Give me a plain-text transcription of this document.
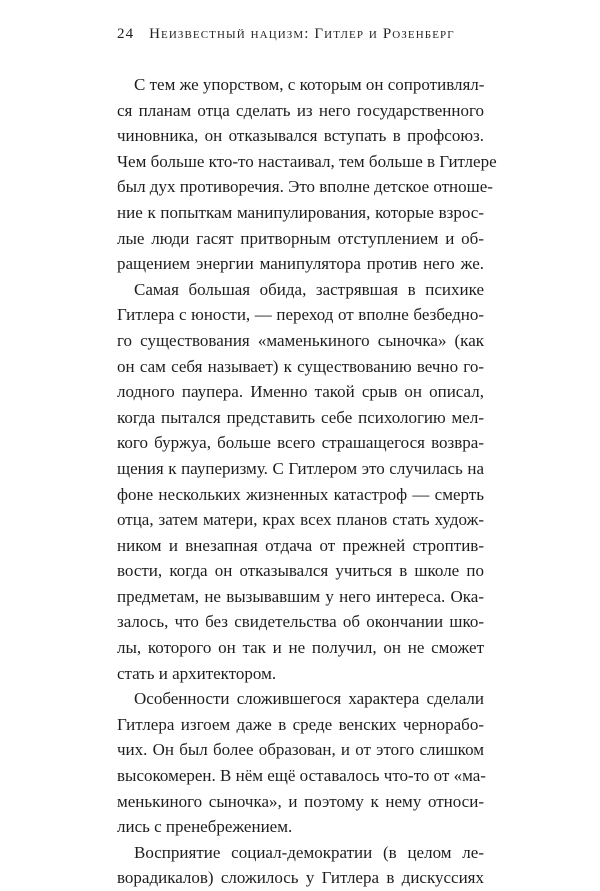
24 Неизвестный нацизм: Гитлер и Розенберг
С тем же упорством, с которым он сопротивлял-
ся планам отца сделать из него государственного
чиновника, он отказывался вступать в профсоюз.
Чем больше кто-то настаивал, тем больше в Гитлере
был дух противоречия. Это вполне детское отноше-
ние к попыткам манипулирования, которые взрос-
лые люди гасят притворным отступлением и об-
ращением энергии манипулятора против него же.
Самая большая обида, застрявшая в психике
Гитлера с юности, — переход от вполне безбедно-
го существования «маменькиного сыночка» (как
он сам себя называет) к существованию вечно го-
лодного паупера. Именно такой срыв он описал,
когда пытался представить себе психологию мел-
кого буржуа, больше всего страшащегося возвра-
щения к пауперизму. С Гитлером это случилась на
фоне нескольких жизненных катастроф — смерть
отца, затем матери, крах всех планов стать худож-
ником и внезапная отдача от прежней строптив-
вости, когда он отказывался учиться в школе по
предметам, не вызывавшим у него интереса. Ока-
залось, что без свидетельства об окончании шко-
лы, которого он так и не получил, он не сможет
стать и архитектором.
Особенности сложившегося характера сделали
Гитлера изгоем даже в среде венских чернорабо-
чих. Он был более образован, и от этого слишком
высокомерен. В нём ещё оставалось что-то от «ма-
менькиного сыночка», и поэтому к нему относи-
лись с пренебрежением.
Восприятие социал-демократии (в целом ле-
ворадикалов) сложилось у Гитлера в дискуссиях
